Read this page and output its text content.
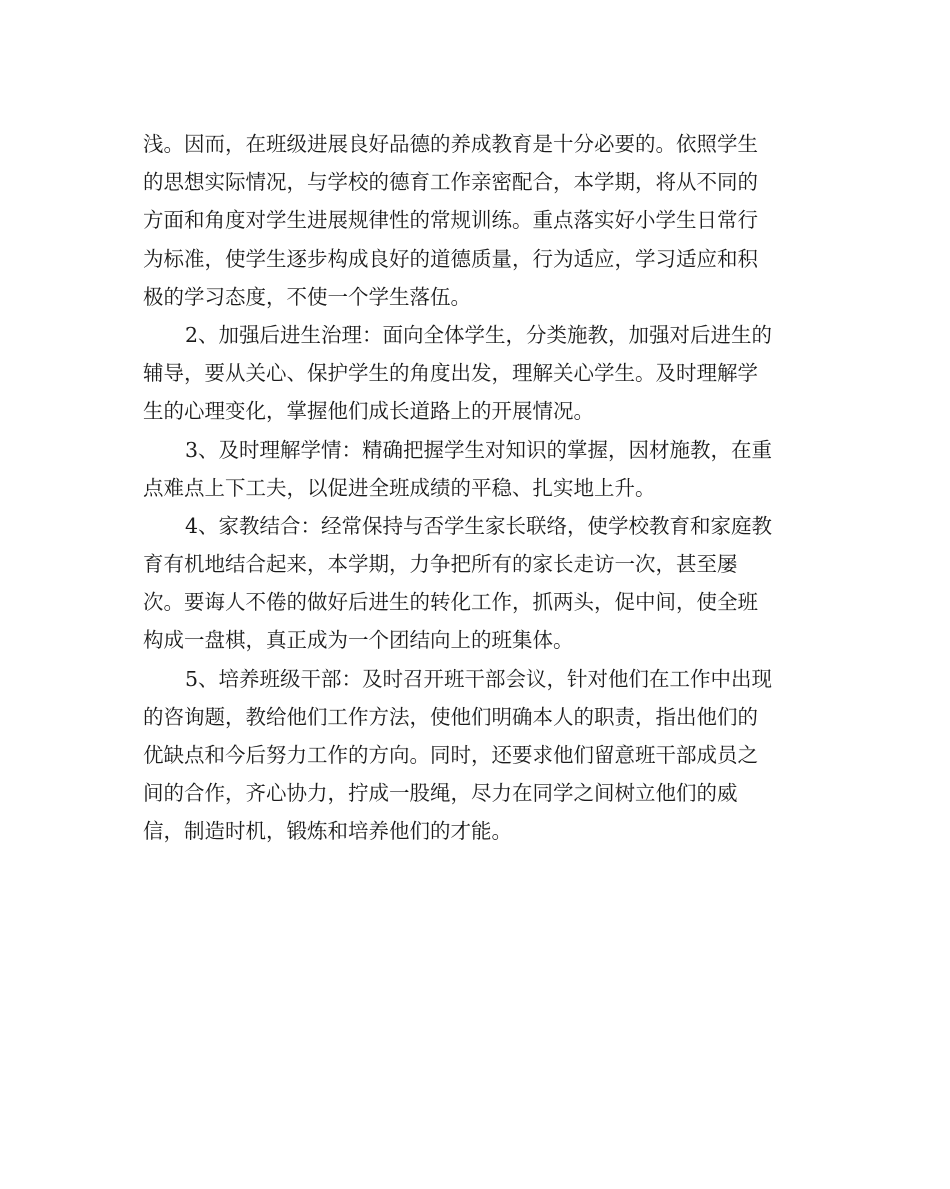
浅。因而，在班级进展良好品德的养成教育是十分必要的。依照学生
的思想实际情况，与学校的德育工作亲密配合，本学期，将从不同的
方面和角度对学生进展规律性的常规训练。重点落实好小学生日常行
为标准，使学生逐步构成良好的道德质量，行为适应，学习适应和积
极的学习态度，不使一个学生落伍。
2、加强后进生治理：面向全体学生，分类施教，加强对后进生的
辅导，要从关心、保护学生的角度出发，理解关心学生。及时理解学
生的心理变化，掌握他们成长道路上的开展情况。
3、及时理解学情：精确把握学生对知识的掌握，因材施教，在重
点难点上下工夫，以促进全班成绩的平稳、扎实地上升。
4、家教结合：经常保持与否学生家长联络，使学校教育和家庭教
育有机地结合起来，本学期，力争把所有的家长走访一次，甚至屡
次。要诲人不倦的做好后进生的转化工作，抓两头，促中间，使全班
构成一盘棋，真正成为一个团结向上的班集体。
5、培养班级干部：及时召开班干部会议，针对他们在工作中出现
的咨询题，教给他们工作方法，使他们明确本人的职责，指出他们的
优缺点和今后努力工作的方向。同时，还要求他们留意班干部成员之
间的合作，齐心协力，拧成一股绳，尽力在同学之间树立他们的威
信，制造时机，锻炼和培养他们的才能。
